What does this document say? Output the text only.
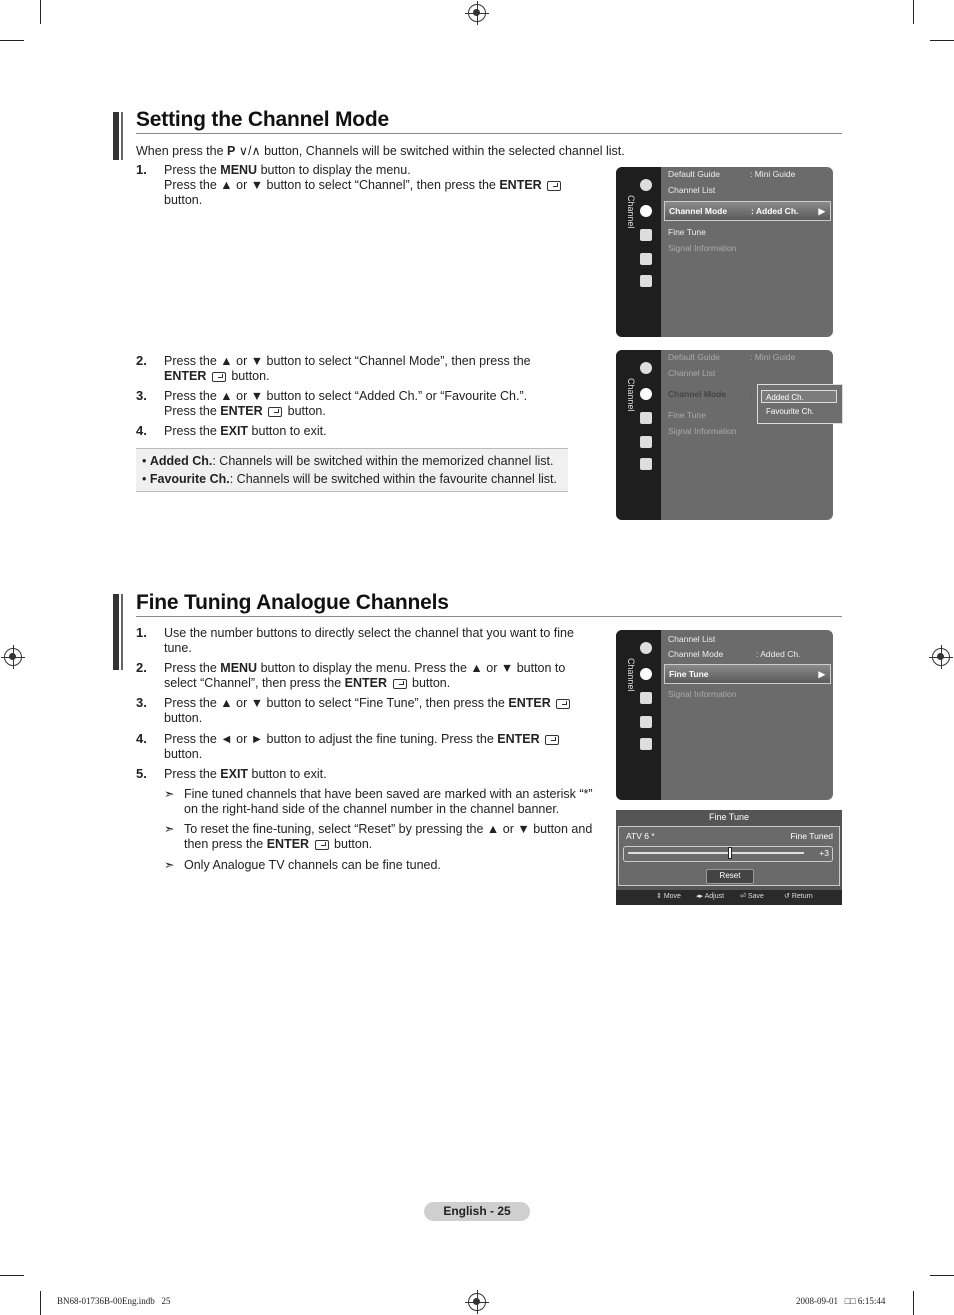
Setting the Channel Mode
When press the P ∨/∧ button, Channels will be switched within the selected channel list.
1. Press the MENU button to display the menu.
Press the ▲ or ▼ button to select “Channel”, then press the ENTER
button.
2. Press the ▲ or ▼ button to select “Channel Mode”, then press the
ENTER  button.
3. Press the ▲ or ▼ button to select “Added Ch.” or “Favourite Ch.”.
Press the ENTER  button.
4. Press the EXIT button to exit.
• Added Ch.: Channels will be switched within the memorized channel list.
• Favourite Ch.: Channels will be switched within the favourite channel list.
Channel
Default Guide	: Mini Guide
Channel List
Channel Mode	: Added Ch. ▶
Fine Tune
Signal Information
Channel
Default Guide	: Mini Guide
Channel List
Channel Mode	:
Fine Tune
Signal Information
Added Ch.
Favourite Ch.
Fine Tuning Analogue Channels
1. Use the number buttons to directly select the channel that you want to fine
tune.
2. Press the MENU button to display the menu. Press the ▲ or ▼ button to
select “Channel”, then press the ENTER  button.
3. Press the ▲ or ▼ button to select “Fine Tune”, then press the ENTER
button.
4. Press the ◄ or ► button to adjust the fine tuning. Press the ENTER
button.
5. Press the EXIT button to exit.
➣ Fine tuned channels that have been saved are marked with an asterisk “*”
on the right-hand side of the channel number in the channel banner.
➣ To reset the fine-tuning, select “Reset” by pressing the ▲ or ▼ button and
then press the ENTER  button.
➣ Only Analogue TV channels can be fine tuned.
Channel
Channel List
Channel Mode	: Added Ch.
Fine Tune	▶
Signal Information
Fine Tune
ATV 6 *	Fine Tuned
+3
Reset
⇕ Move ◂▸ Adjust ⏎ Save	↺ Return
English - 25
BN68-01736B-00Eng.indb   25	2008-09-01   □□ 6:15:44
